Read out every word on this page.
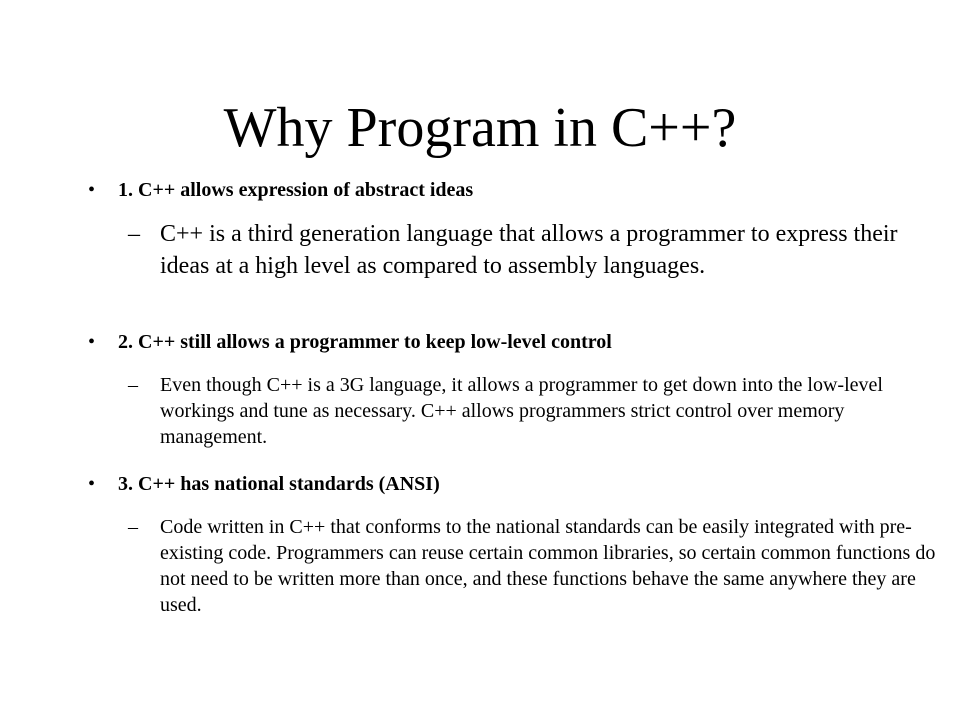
Why Program in C++?
• 1. C++ allows expression of abstract ideas
– C++ is a third generation language that allows a programmer to express their ideas at a high level as compared to assembly languages.
• 2. C++ still allows a programmer to keep low-level control
– Even though C++ is a 3G language, it allows a programmer to get down into the low-level workings and tune as necessary. C++ allows programmers strict control over memory management.
• 3. C++ has national standards (ANSI)
– Code written in C++ that conforms to the national standards can be easily integrated with pre-existing code. Programmers can reuse certain common libraries, so certain common functions do not need to be written more than once, and these functions behave the same anywhere they are used.
